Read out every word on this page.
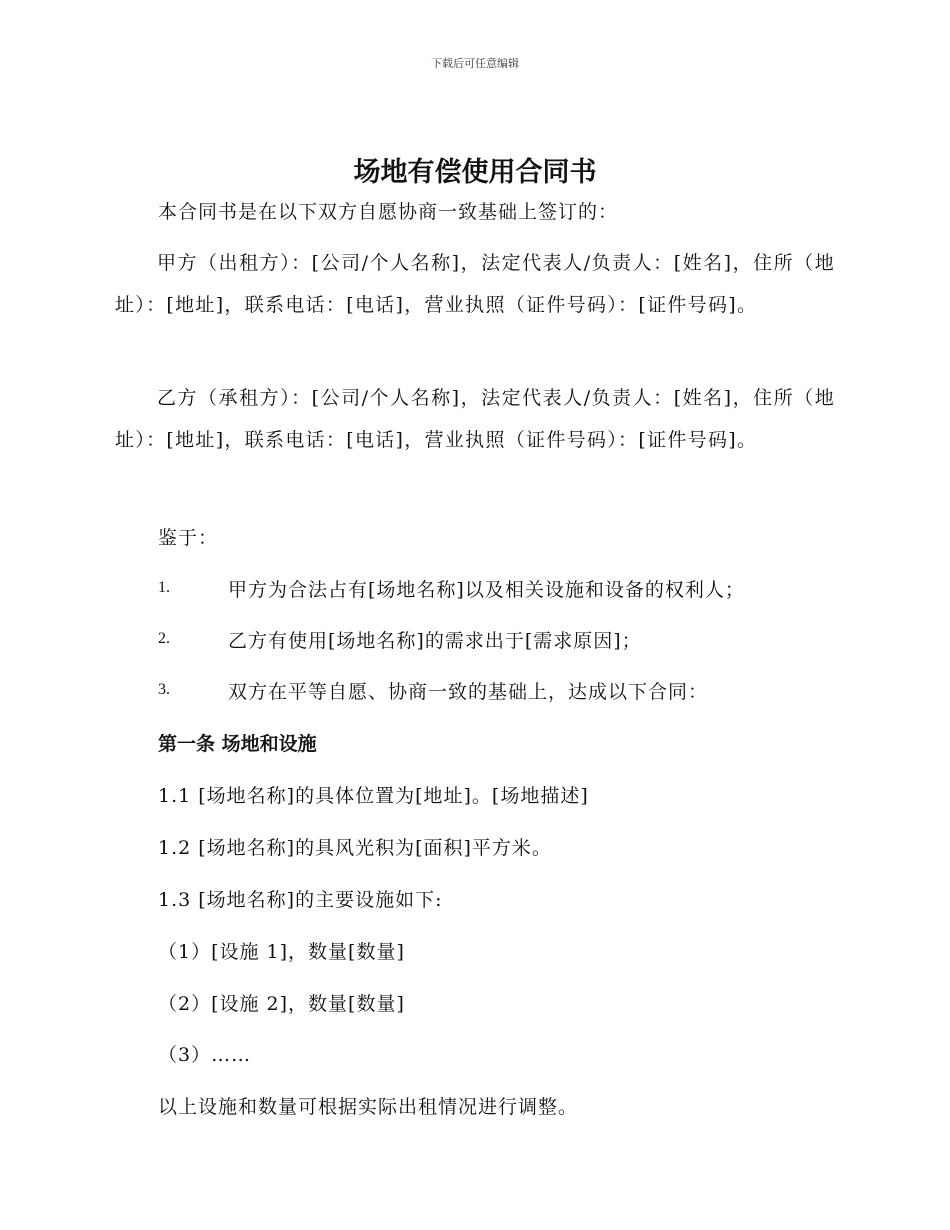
下载后可任意编辑
场地有偿使用合同书
本合同书是在以下双方自愿协商一致基础上签订的：
甲方（出租方）：[公司/个人名称]，法定代表人/负责人：[姓名]，住所（地址）：[地址]，联系电话：[电话]，营业执照（证件号码）：[证件号码]。
乙方（承租方）：[公司/个人名称]，法定代表人/负责人：[姓名]，住所（地址）：[地址]，联系电话：[电话]，营业执照（证件号码）：[证件号码]。
鉴于：
1.	甲方为合法占有[场地名称]以及相关设施和设备的权利人；
2.	乙方有使用[场地名称]的需求出于[需求原因]；
3.	双方在平等自愿、协商一致的基础上，达成以下合同：
第一条 场地和设施
1.1 [场地名称]的具体位置为[地址]。[场地描述]
1.2 [场地名称]的具风光积为[面积]平方米。
1.3 [场地名称]的主要设施如下:
（1）[设施 1]，数量[数量]
（2）[设施 2]，数量[数量]
（3）……
以上设施和数量可根据实际出租情况进行调整。
